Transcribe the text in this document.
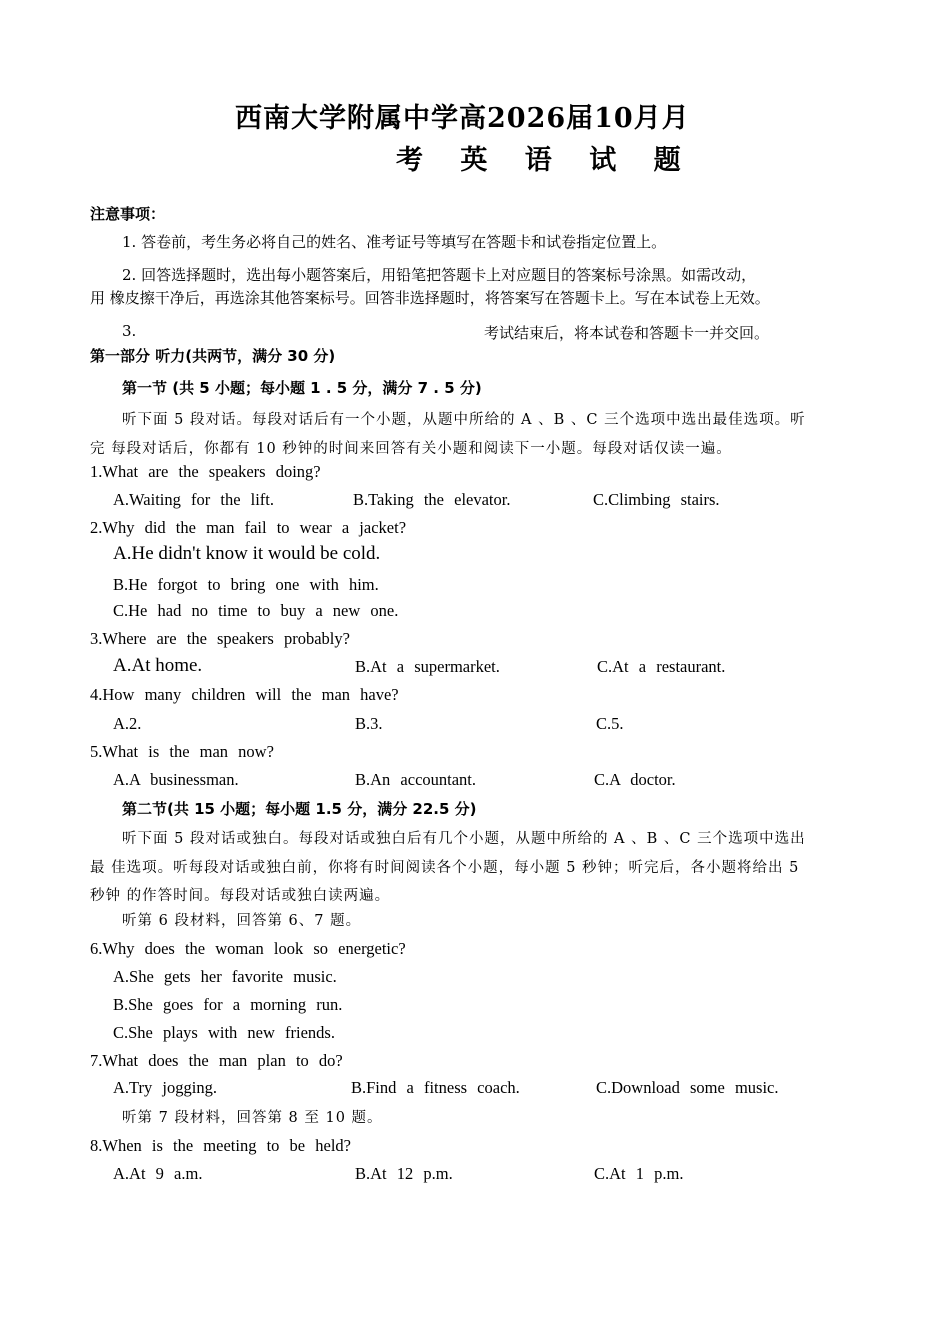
西南大学附属中学高2026届10月月
考 英 语 试 题
注意事项：
1. 答卷前，考生务必将自己的姓名、准考证号等填写在答题卡和试卷指定位置上。
2. 回答选择题时，选出每小题答案后，用铅笔把答题卡上对应题目的答案标号涂黑。如需改动，
用 橡皮擦干净后，再选涂其他答案标号。回答非选择题时，将答案写在答题卡上。写在本试卷上无效。
3.	考试结束后，将本试卷和答题卡一并交回。
第一部分 听力(共两节，满分 30 分)
第一节 (共 5 小题；每小题 1 . 5 分，满分 7 . 5 分)
听下面 5 段对话。每段对话后有一个小题，从题中所给的 A 、B 、C 三个选项中选出最佳选项。听
完 每段对话后，你都有 10 秒钟的时间来回答有关小题和阅读下一小题。每段对话仅读一遍。
1.What are the speakers doing?
A.Waiting for the lift.	B.Taking the elevator.	C.Climbing stairs.
2.Why did the man fail to wear a jacket?
A.He didn't know it would be cold.
B.He forgot to bring one with him.
C.He had no time to buy a new one.
3.Where are the speakers probably?
A.At home.	B.At a supermarket.	C.At a restaurant.
4.How many children will the man have?
A.2.	B.3.	C.5.
5.What is the man now?
A.A businessman.	B.An accountant.	C.A doctor.
第二节(共 15 小题；每小题 1.5 分，满分 22.5 分)
听下面 5 段对话或独白。每段对话或独白后有几个小题，从题中所给的 A 、B 、C 三个选项中选出
最 佳选项。听每段对话或独白前，你将有时间阅读各个小题，每小题 5 秒钟；听完后，各小题将给出 5
秒钟 的作答时间。每段对话或独白读两遍。
听第 6 段材料，回答第 6、7 题。
6.Why does the woman look so energetic?
A.She gets her favorite music.
B.She goes for a morning run.
C.She plays with new friends.
7.What does the man plan to do?
A.Try jogging.	B.Find a fitness coach.	C.Download some music.
听第 7 段材料，回答第 8 至 10 题。
8.When is the meeting to be held?
A.At 9 a.m.	B.At 12 p.m.	C.At 1 p.m.
